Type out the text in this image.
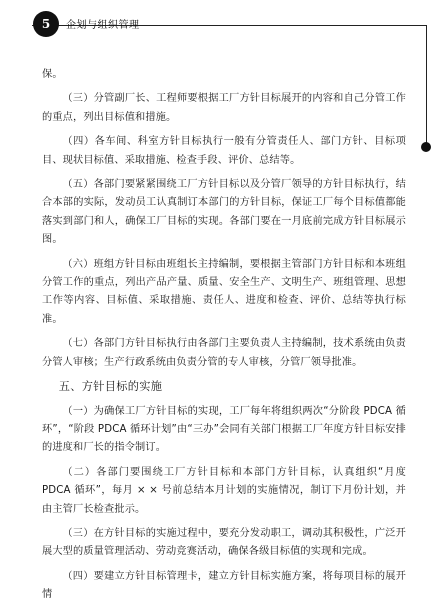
5 企划与组织管理

保。

（三）分管副厂长、工程师要根据工厂方针目标展开的内容和自己分管工作的重点，列出目标值和措施。

（四）各车间、科室方针目标执行一般有分管责任人、部门方针、目标项目、现状目标值、采取措施、检查手段、评价、总结等。

（五）各部门要紧紧围绕工厂方针目标以及分管厂领导的方针目标执行，结合本部的实际，发动员工认真制订本部门的方针目标，保证工厂每个目标值都能落实到部门和人，确保工厂目标的实现。各部门要在一月底前完成方针目标展示图。

（六）班组方针目标由班组长主持编制，要根据主管部门方针目标和本班组分管工作的重点，列出产品产量、质量、安全生产、文明生产、班组管理、思想工作等内容、目标值、采取措施、责任人、进度和检查、评价、总结等执行标准。

（七）各部门方针目标执行由各部门主要负责人主持编制，技术系统由负责分管人审核；生产行政系统由负责分管的专人审核，分管厂领导批准。

五、方针目标的实施

（一）为确保工厂方针目标的实现，工厂每年将组织两次“分阶段 PDCA 循环”，“阶段 PDCA 循环计划”由“三办”会同有关部门根据工厂年度方针目标安排的进度和厂长的指令制订。

（二）各部门要围绕工厂方针目标和本部门方针目标，认真组织“月度 PDCA 循环”，每月 × × 号前总结本月计划的实施情况，制订下月份计划，并由主管厂长检查批示。

（三）在方针目标的实施过程中，要充分发动职工，调动其积极性，广泛开展大型的质量管理活动、劳动竞赛活动，确保各级目标值的实现和完成。

（四）要建立方针目标管理卡，建立方针目标实施方案，将每项目标的展开情
